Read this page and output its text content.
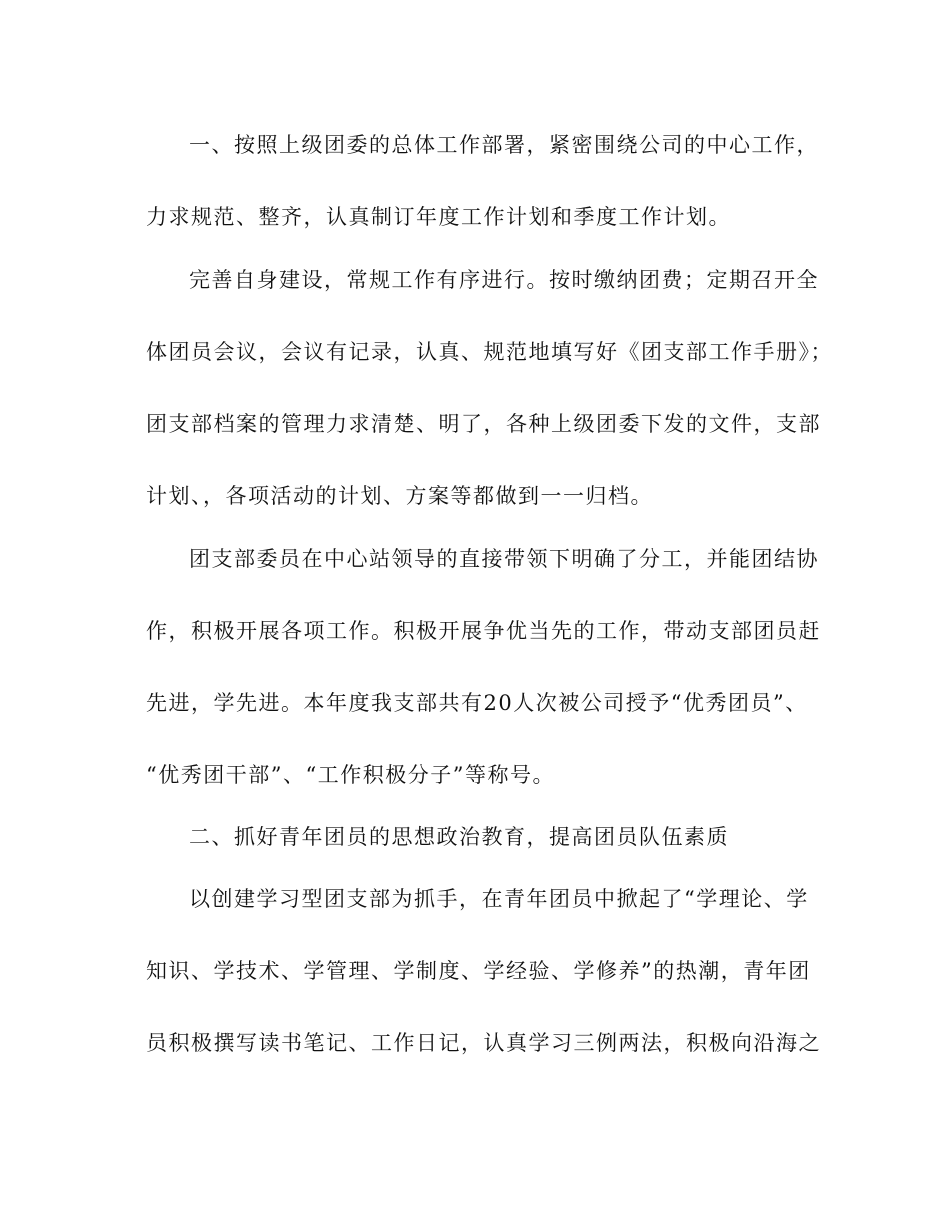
一、按照上级团委的总体工作部署，紧密围绕公司的中心工作，
力求规范、整齐，认真制订年度工作计划和季度工作计划。
完善自身建设，常规工作有序进行。按时缴纳团费；定期召开全
体团员会议，会议有记录，认真、规范地填写好《团支部工作手册》；
团支部档案的管理力求清楚、明了，各种上级团委下发的文件，支部
计划、，各项活动的计划、方案等都做到一一归档。
团支部委员在中心站领导的直接带领下明确了分工，并能团结协
作，积极开展各项工作。积极开展争优当先的工作，带动支部团员赶
先进，学先进。本年度我支部共有20人次被公司授予“优秀团员”、
“优秀团干部”、“工作积极分子”等称号。
二、抓好青年团员的思想政治教育，提高团员队伍素质
以创建学习型团支部为抓手，在青年团员中掀起了“学理论、学
知识、学技术、学管理、学制度、学经验、学修养”的热潮，青年团
员积极撰写读书笔记、工作日记，认真学习三例两法，积极向沿海之
